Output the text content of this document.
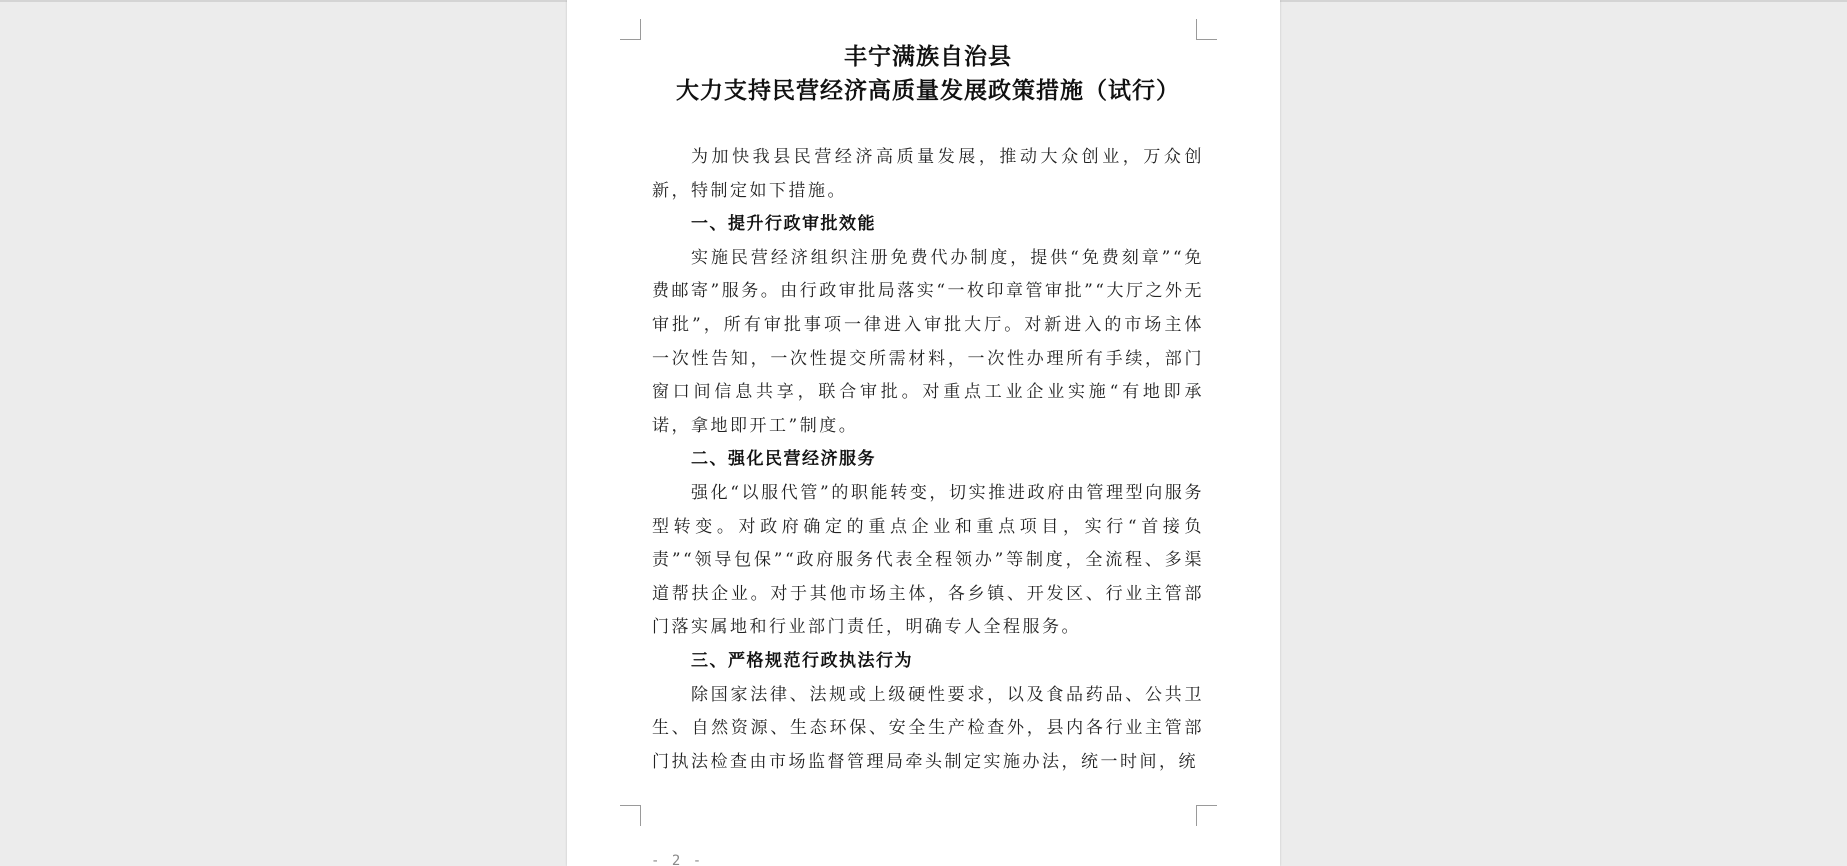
丰宁满族自治县

大力支持民营经济高质量发展政策措施（试行）

为加快我县民营经济高质量发展，推动大众创业，万众创新，特制定如下措施。

一、提升行政审批效能

实施民营经济组织注册免费代办制度，提供“免费刻章”“免费邮寄”服务。由行政审批局落实“一枚印章管审批”“大厅之外无审批”，所有审批事项一律进入审批大厅。对新进入的市场主体一次性告知，一次性提交所需材料，一次性办理所有手续，部门窗口间信息共享，联合审批。对重点工业企业实施“有地即承诺，拿地即开工”制度。

二、强化民营经济服务

强化“以服代管”的职能转变，切实推进政府由管理型向服务型转变。对政府确定的重点企业和重点项目，实行“首接负责”“领导包保”“政府服务代表全程领办”等制度，全流程、多渠道帮扶企业。对于其他市场主体，各乡镇、开发区、行业主管部门落实属地和行业部门责任，明确专人全程服务。

三、严格规范行政执法行为

除国家法律、法规或上级硬性要求，以及食品药品、公共卫生、自然资源、生态环保、安全生产检查外，县内各行业主管部门执法检查由市场监督管理局牵头制定实施办法，统一时间，统

- 2 -
